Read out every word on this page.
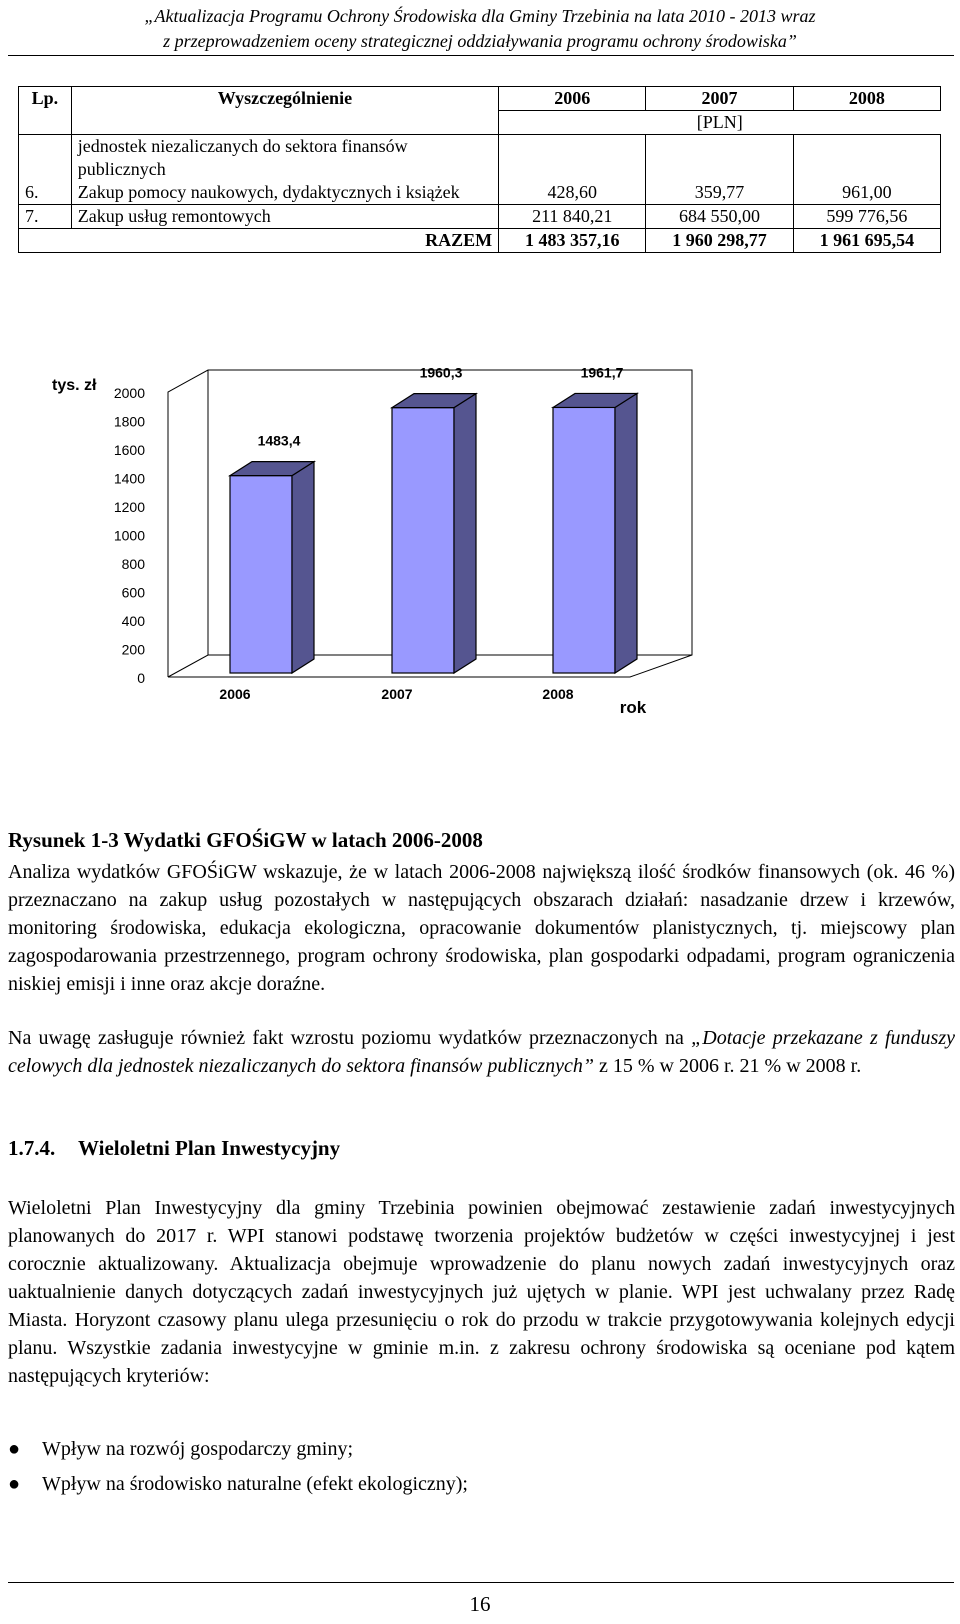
„Aktualizacja Programu Ochrony Środowiska dla Gminy Trzebinia na lata 2010 - 2013 wraz
z przeprowadzeniem oceny strategicznej oddziaływania programu ochrony środowiska”
Lp.	Wyszczególnienie	2006	2007	2008
		[PLN]		
	jednostek niezaliczanych do sektora finansów publicznych			
6.	Zakup pomocy naukowych, dydaktycznych i książek	428,60	359,77	961,00
7.	Zakup usług remontowych	211 840,21	684 550,00	599 776,56
RAZEM		1 483 357,16	1 960 298,77	1 961 695,54
0
200
400
600
800
1000
1200
1400
1600
1800
2000
tys. zł
1483,4
2006
1960,3
2007
1961,7
2008
rok
Rysunek 1-3 Wydatki GFOŚiGW w latach 2006-2008
Analiza wydatków GFOŚiGW wskazuje, że w latach 2006-2008 największą ilość środków finansowych (ok. 46 %) przeznaczano na zakup usług pozostałych w następujących obszarach działań: nasadzanie drzew i krzewów, monitoring środowiska, edukacja ekologiczna, opracowanie dokumentów planistycznych, tj. miejscowy plan zagospodarowania przestrzennego, program ochrony środowiska, plan gospodarki odpadami, program ograniczenia niskiej emisji i inne oraz akcje doraźne.
Na uwagę zasługuje również fakt wzrostu poziomu wydatków przeznaczonych na „Dotacje przekazane z funduszy celowych dla jednostek niezaliczanych do sektora finansów publicznych” z 15 % w 2006 r. 21 % w 2008 r.
1.7.4. Wieloletni Plan Inwestycyjny
Wieloletni Plan Inwestycyjny dla gminy Trzebinia powinien obejmować zestawienie zadań inwestycyjnych planowanych do 2017 r. WPI stanowi podstawę tworzenia projektów budżetów w części inwestycyjnej i jest corocznie aktualizowany. Aktualizacja obejmuje wprowadzenie do planu nowych zadań inwestycyjnych oraz uaktualnienie danych dotyczących zadań inwestycyjnych już ujętych w planie. WPI jest uchwalany przez Radę Miasta. Horyzont czasowy planu ulega przesunięciu o rok do przodu w trakcie przygotowywania kolejnych edycji planu. Wszystkie zadania inwestycyjne w gminie m.in. z zakresu ochrony środowiska są oceniane pod kątem następujących kryteriów:
●	Wpływ na rozwój gospodarczy gminy;
●	Wpływ na środowisko naturalne (efekt ekologiczny);
16
